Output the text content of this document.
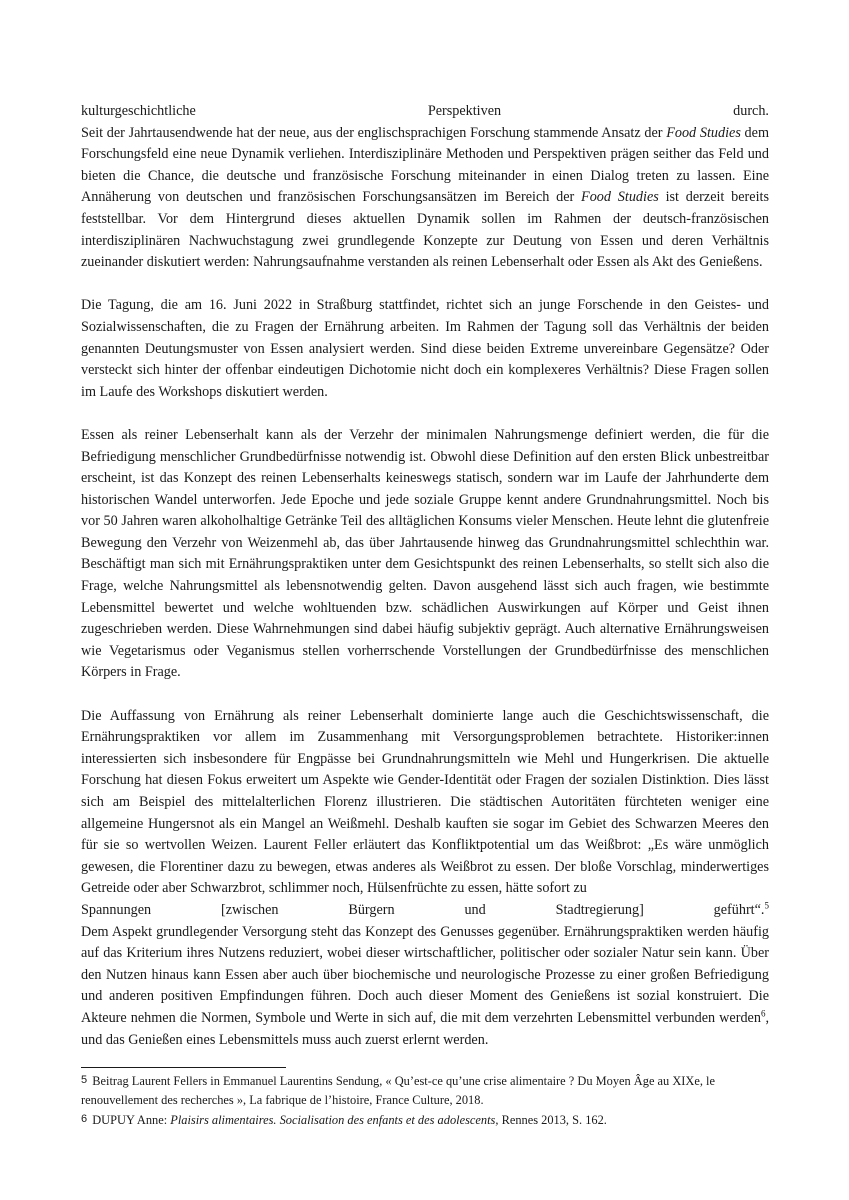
kulturgeschichtliche	Perspektiven	durch.
Seit der Jahrtausendwende hat der neue, aus der englischsprachigen Forschung stammende Ansatz der Food Studies dem Forschungsfeld eine neue Dynamik verliehen. Interdisziplinäre Methoden und Perspektiven prägen seither das Feld und bieten die Chance, die deutsche und französische Forschung miteinander in einen Dialog treten zu lassen. Eine Annäherung von deutschen und französischen Forschungsansätzen im Bereich der Food Studies ist derzeit bereits feststellbar. Vor dem Hintergrund dieses aktuellen Dynamik sollen im Rahmen der deutsch-französischen interdisziplinären Nachwuchstagung zwei grundlegende Konzepte zur Deutung von Essen und deren Verhältnis zueinander diskutiert werden: Nahrungsaufnahme verstanden als reinen Lebenserhalt oder Essen als Akt des Genießens.

Die Tagung, die am 16. Juni 2022 in Straßburg stattfindet, richtet sich an junge Forschende in den Geistes- und Sozialwissenschaften, die zu Fragen der Ernährung arbeiten. Im Rahmen der Tagung soll das Verhältnis der beiden genannten Deutungsmuster von Essen analysiert werden. Sind diese beiden Extreme unvereinbare Gegensätze? Oder versteckt sich hinter der offenbar eindeutigen Dichotomie nicht doch ein komplexeres Verhältnis? Diese Fragen sollen im Laufe des Workshops diskutiert werden.

Essen als reiner Lebenserhalt kann als der Verzehr der minimalen Nahrungsmenge definiert werden, die für die Befriedigung menschlicher Grundbedürfnisse notwendig ist. Obwohl diese Definition auf den ersten Blick unbestreitbar erscheint, ist das Konzept des reinen Lebenserhalts keineswegs statisch, sondern war im Laufe der Jahrhunderte dem historischen Wandel unterworfen. Jede Epoche und jede soziale Gruppe kennt andere Grundnahrungsmittel. Noch bis vor 50 Jahren waren alkoholhaltige Getränke Teil des alltäglichen Konsums vieler Menschen. Heute lehnt die glutenfreie Bewegung den Verzehr von Weizenmehl ab, das über Jahrtausende hinweg das Grundnahrungsmittel schlechthin war. Beschäftigt man sich mit Ernährungspraktiken unter dem Gesichtspunkt des reinen Lebenserhalts, so stellt sich also die Frage, welche Nahrungsmittel als lebensnotwendig gelten. Davon ausgehend lässt sich auch fragen, wie bestimmte Lebensmittel bewertet und welche wohltuenden bzw. schädlichen Auswirkungen auf Körper und Geist ihnen zugeschrieben werden. Diese Wahrnehmungen sind dabei häufig subjektiv geprägt. Auch alternative Ernährungsweisen wie Vegetarismus oder Veganismus stellen vorherrschende Vorstellungen der Grundbedürfnisse des menschlichen Körpers in Frage.

Die Auffassung von Ernährung als reiner Lebenserhalt dominierte lange auch die Geschichtswissenschaft, die Ernährungspraktiken vor allem im Zusammenhang mit Versorgungsproblemen betrachtete. Historiker:innen interessierten sich insbesondere für Engpässe bei Grundnahrungsmitteln wie Mehl und Hungerkrisen. Die aktuelle Forschung hat diesen Fokus erweitert um Aspekte wie Gender-Identität oder Fragen der sozialen Distinktion. Dies lässt sich am Beispiel des mittelalterlichen Florenz illustrieren. Die städtischen Autoritäten fürchteten weniger eine allgemeine Hungersnot als ein Mangel an Weißmehl. Deshalb kauften sie sogar im Gebiet des Schwarzen Meeres den für sie so wertvollen Weizen. Laurent Feller erläutert das Konfliktpotential um das Weißbrot: „Es wäre unmöglich gewesen, die Florentiner dazu zu bewegen, etwas anderes als Weißbrot zu essen. Der bloße Vorschlag, minderwertiges Getreide oder aber Schwarzbrot, schlimmer noch, Hülsenfrüchte zu essen, hätte sofort zu
Spannungen	[zwischen	Bürgern	und	Stadtregierung]	geführt“.$^5$

Dem Aspekt grundlegender Versorgung steht das Konzept des Genusses gegenüber. Ernährungspraktiken werden häufig auf das Kriterium ihres Nutzens reduziert, wobei dieser wirtschaftlicher, politischer oder sozialer Natur sein kann. Über den Nutzen hinaus kann Essen aber auch über biochemische und neurologische Prozesse zu einer großen Befriedigung und anderen positiven Empfindungen führen. Doch auch dieser Moment des Genießens ist sozial konstruiert. Die Akteure nehmen die Normen, Symbole und Werte in sich auf, die mit dem verzehrten Lebensmittel verbunden werden$^6$, und das Genießen eines Lebensmittels muss auch zuerst erlernt werden.

5 Beitrag Laurent Fellers in Emmanuel Laurentins Sendung, « Qu’est-ce qu’une crise alimentaire ? Du Moyen Âge au XIXe, le renouvellement des recherches », La fabrique de l’histoire, France Culture, 2018.

6 DUPUY Anne: Plaisirs alimentaires. Socialisation des enfants et des adolescents, Rennes 2013, S. 162.
